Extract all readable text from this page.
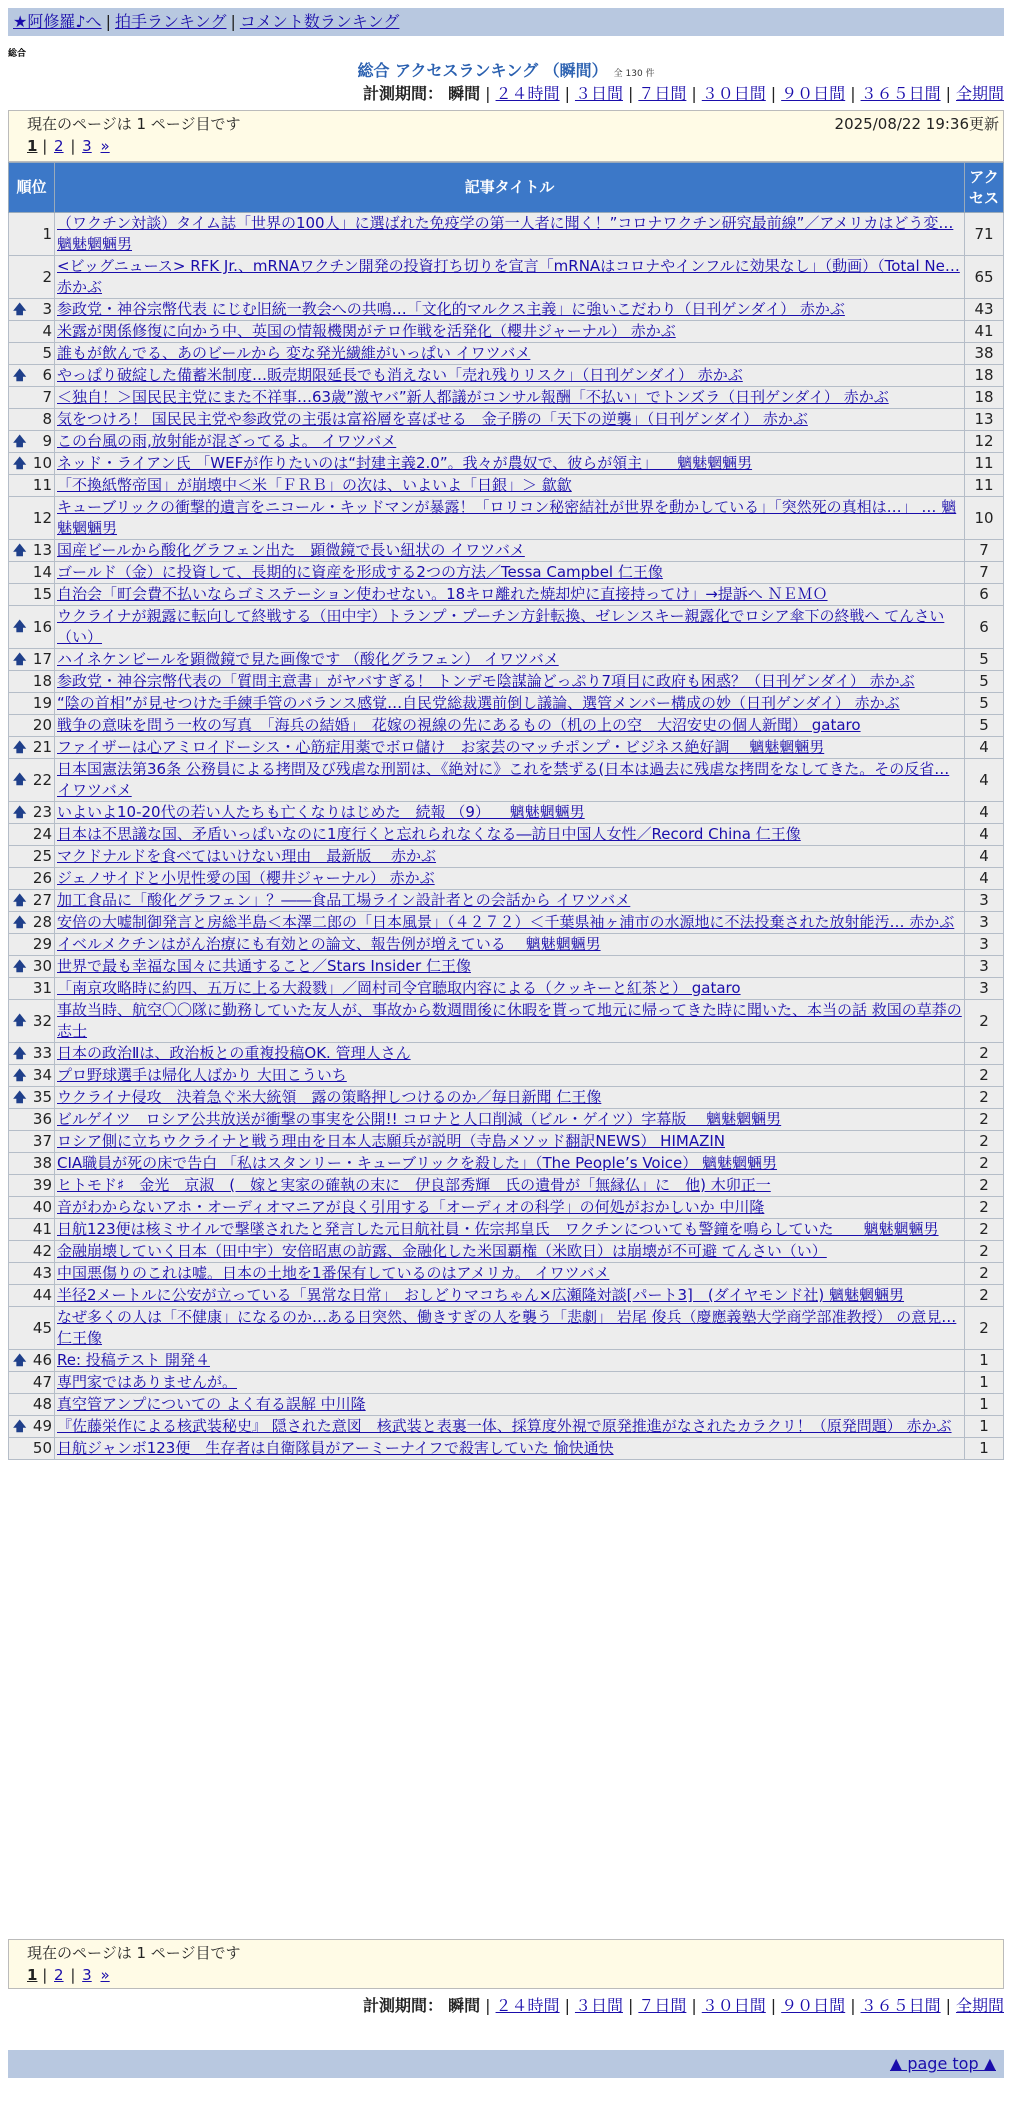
★阿修羅♪へ | 拍手ランキング | コメント数ランキング
総合
総合 アクセスランキング （瞬間） 全 130 件
計測期間： 瞬間 | ２４時間 | ３日間 | ７日間 | ３０日間 | ９０日間 | ３６５日間 | 全期間
現在のページは 1 ページ目です	2025/08/22 19:36更新
1 | 2 | 3 »
順位	記事タイトル	アクセス
1	（ワクチン対談）タイム誌「世界の100人」に選ばれた免疫学の第一人者に聞く！”コロナワクチン研究最前線”／アメリカはどう変… 魑魅魍魎男	71
2	<ビッグニュース> RFK Jr.、mRNAワクチン開発の投資打ち切りを宣言「mRNAはコロナやインフルに効果なし」（動画）（Total Ne… 赤かぶ	65

🡅 3	参政党・神谷宗幣代表 にじむ旧統一教会への共鳴…「文化的マルクス主義」に強いこだわり（日刊ゲンダイ） 赤かぶ	43
4	米露が関係修復に向かう中、英国の情報機関がテロ作戦を活発化（櫻井ジャーナル） 赤かぶ	41
5	誰もが飲んでる、あのビールから 変な発光繊維がいっぱい イワツバメ	38

🡅 6	やっぱり破綻した備蓄米制度…販売期限延長でも消えない「売れ残りリスク」（日刊ゲンダイ） 赤かぶ	18
7	＜独自！＞国民民主党にまた不祥事…63歳”激ヤバ”新人都議がコンサル報酬「不払い」でトンズラ（日刊ゲンダイ） 赤かぶ	18
8	気をつけろ！ 国民民主党や参政党の主張は富裕層を喜ばせる　金子勝の「天下の逆襲」（日刊ゲンダイ） 赤かぶ	13

🡅 9	この台風の雨,放射能が混ざってるよ。 イワツバメ	12

🡅 10	ネッド・ライアン氏 「WEFが作りたいのは“封建主義2.0”。我々が農奴で、彼らが領主」 　魑魅魍魎男	11
11	「不換紙幣帝国」が崩壊中＜米「ＦＲＢ」の次は、いよいよ「日銀」＞ 歙歙	11
12	キューブリックの衝撃的遺言をニコール・キッドマンが暴露！「ロリコン秘密結社が世界を動かしている」「突然死の真相は…」 … 魑魅魍魎男	10

🡅 13	国産ビールから酸化グラフェン出た　顕微鏡で長い紐状の イワツバメ	7
14	ゴールド（金）に投資して、長期的に資産を形成する2つの方法／Tessa Campbel 仁王像	7
15	自治会「町会費不払いならゴミステーション使わせない。18キロ離れた焼却炉に直接持ってけ」→提訴へ ＮＥＭＯ	6

🡅 16	ウクライナが親露に転向して終戦する（田中宇）トランプ・プーチン方針転換、ゼレンスキー親露化でロシア傘下の終戦へ てんさい（い）	6

🡅 17	ハイネケンビールを顕微鏡で見た画像です （酸化グラフェン） イワツバメ	5
18	参政党・神谷宗幣代表の「質問主意書」がヤバすぎる！ トンデモ陰謀論どっぷり7項目に政府も困惑？（日刊ゲンダイ） 赤かぶ	5
19	“陰の首相”が見せつけた手練手管のバランス感覚…自民党総裁選前倒し議論、選管メンバー構成の妙（日刊ゲンダイ） 赤かぶ	5
20	戦争の意味を問う一枚の写真　「海兵の結婚」　花嫁の視線の先にあるもの（机の上の空　大沼安史の個人新聞） gataro	5

🡅 21	ファイザーは心アミロイドーシス・心筋症用薬でボロ儲け　お家芸のマッチポンプ・ビジネス絶好調　 魑魅魍魎男	4

🡅 22	日本国憲法第36条 公務員による拷問及び残虐な刑罰は、《絶対に》これを禁ずる(日本は過去に残虐な拷問をなしてきた。その反省… イワツバメ	4

🡅 23	いよいよ10-20代の若い人たちも亡くなりはじめた　続報 （9） 　魑魅魍魎男	4
24	日本は不思議な国、矛盾いっぱいなのに1度行くと忘れられなくなる―訪日中国人女性／Record China 仁王像	4
25	マクドナルドを食べてはいけない理由　最新版　 赤かぶ	4
26	ジェノサイドと小児性愛の国（櫻井ジャーナル） 赤かぶ	4

🡅 27	加工食品に「酸化グラフェン」？――食品工場ライン設計者との会話から イワツバメ	3

🡅 28	安倍の大嘘制御発言と房総半島＜本澤二郎の「日本風景」（４２７２）＜千葉県袖ヶ浦市の水源地に不法投棄された放射能汚… 赤かぶ	3
29	イベルメクチンはがん治療にも有効との論文、報告例が増えている　 魑魅魍魎男	3

🡅 30	世界で最も幸福な国々に共通すること／Stars Insider 仁王像	3
31	「南京攻略時に約四、五万に上る大殺戮」／岡村司令官聴取内容による（クッキーと紅茶と） gataro	3

🡅 32	事故当時、航空〇〇隊に勤務していた友人が、事故から数週間後に休暇を貰って地元に帰ってきた時に聞いた、本当の話 救国の草莽の志士	2

🡅 33	日本の政治Ⅱは、政治板との重複投稿OK. 管理人さん	2

🡅 34	プロ野球選手は帰化人ばかり 大田こういち	2

🡅 35	ウクライナ侵攻　決着急ぐ米大統領　露の策略押しつけるのか／毎日新聞 仁王像	2
36	ビルゲイツ　ロシア公共放送が衝撃の事実を公開!! コロナと人口削減（ビル・ゲイツ）字幕版　 魑魅魍魎男	2
37	ロシア側に立ちウクライナと戦う理由を日本人志願兵が説明（寺島メソッド翻訳NEWS） HIMAZIN	2
38	CIA職員が死の床で告白 「私はスタンリー・キューブリックを殺した」（The People’s Voice） 魑魅魍魎男	2
39	ヒトモド♯　金光　京淑　(　嫁と実家の確執の末に　伊良部秀輝　氏の遺骨が「無縁仏」に　他) 木卯正一	2
40	音がわからないアホ・オーディオマニアが良く引用する「オーディオの科学」の何処がおかしいか 中川隆	2
41	日航123便は核ミサイルで撃墜されたと発言した元日航社員・佐宗邦皇氏　ワクチンについても警鐘を鳴らしていた　　魑魅魍魎男	2
42	金融崩壊していく日本（田中宇）安倍昭恵の訪露、金融化した米国覇権（米欧日）は崩壊が不可避 てんさい（い）	2
43	中国悪傷りのこれは嘘。日本の土地を1番保有しているのはアメリカ。 イワツバメ	2
44	半径2メートルに公安が立っている「異常な日常」　おしどりマコちゃん×広瀬隆対談[パート3]　(ダイヤモンド社) 魑魅魍魎男	2
45	なぜ多くの人は「不健康」になるのか…ある日突然、働きすぎの人を襲う「悲劇」 岩尾 俊兵（慶應義塾大学商学部准教授） の意見… 仁王像	2

🡅 46	Re: 投稿テスト 開発４	1
47	専門家ではありませんが。	1
48	真空管アンプについての よく有る誤解 中川隆	1

🡅 49	『佐藤栄作による核武装秘史』 隠された意図　核武装と表裏一体、採算度外視で原発推進がなされたカラクリ！（原発問題） 赤かぶ	1
50	日航ジャンボ123便　生存者は自衛隊員がアーミーナイフで殺害していた 愉快通快	1
現在のページは 1 ページ目です
1 | 2 | 3 »
計測期間： 瞬間 | ２４時間 | ３日間 | ７日間 | ３０日間 | ９０日間 | ３６５日間 | 全期間
▲ page top ▲
